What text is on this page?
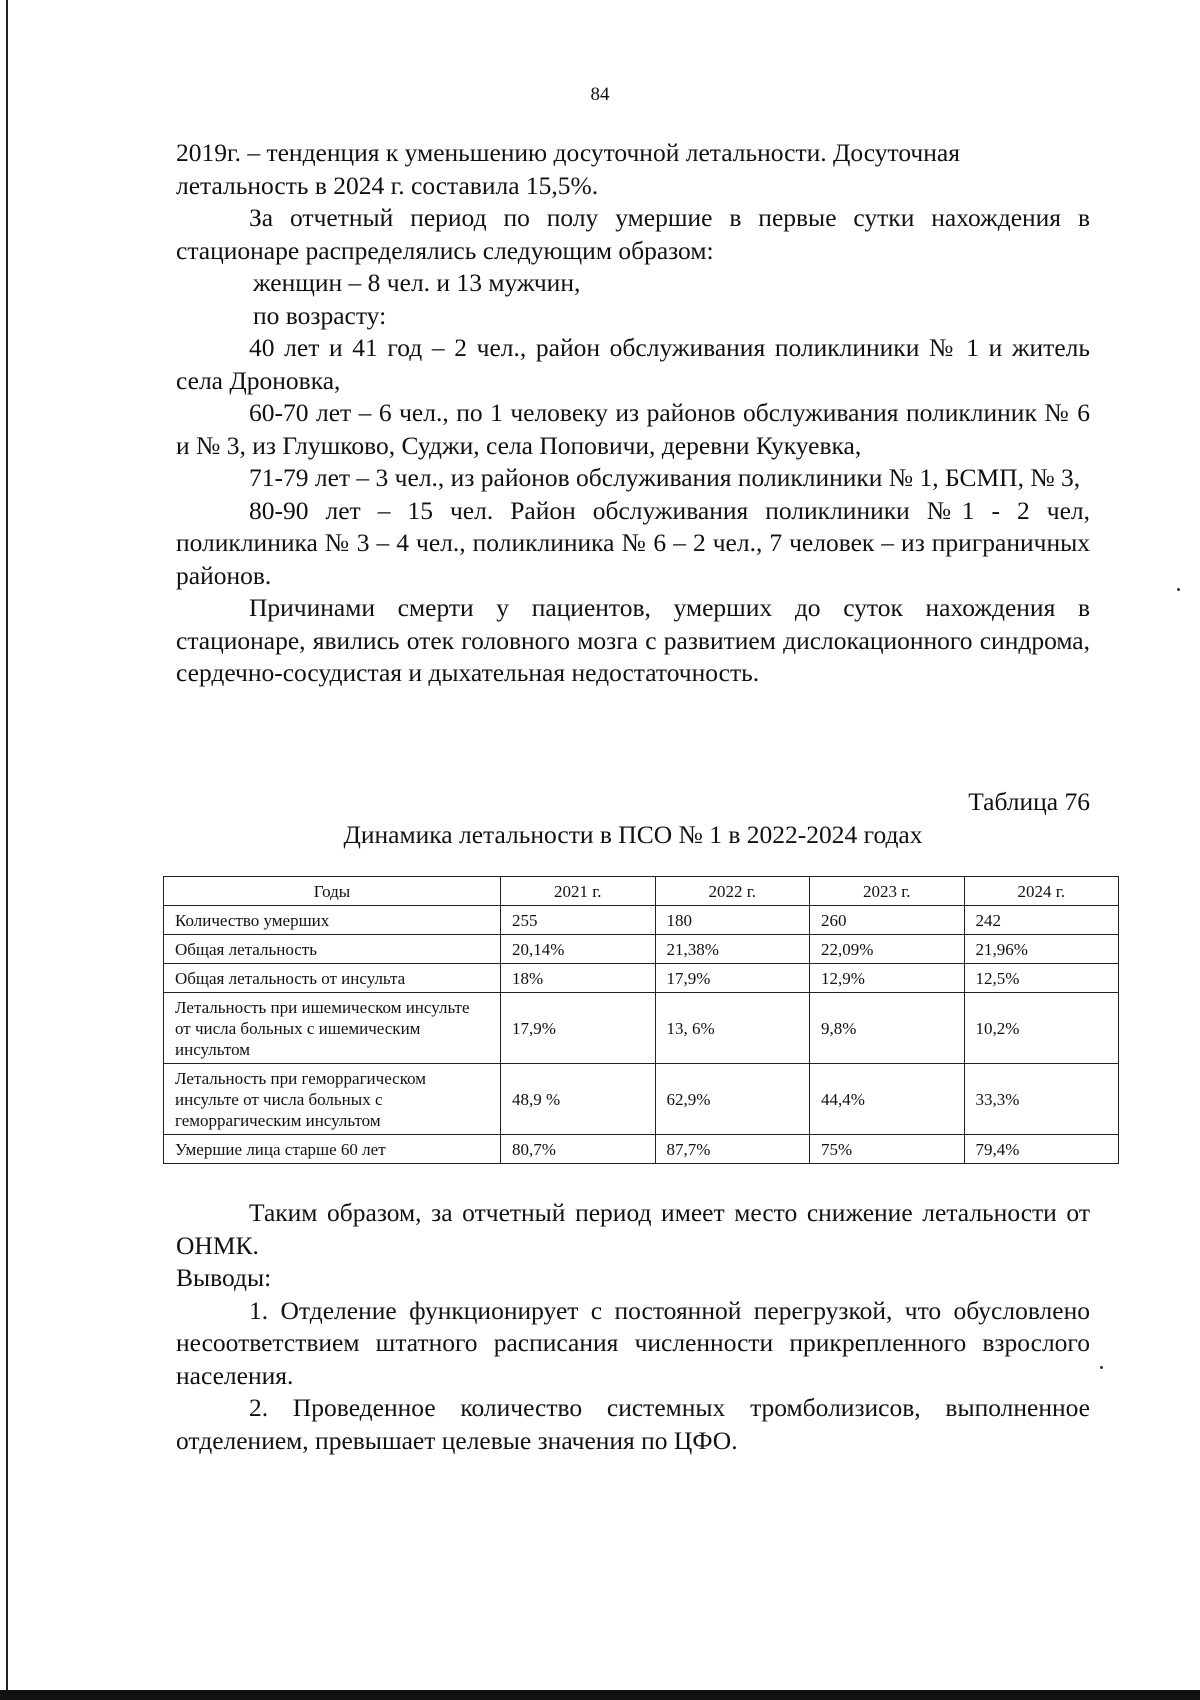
84

2019г. – тенденция к уменьшению досуточной летальности. Досуточная летальность в 2024 г. составила 15,5%.

За отчетный период по полу умершие в первые сутки нахождения в стационаре распределялись следующим образом:

женщин – 8 чел. и 13 мужчин,

по возрасту:

40 лет и 41 год – 2 чел., район обслуживания поликлиники № 1 и житель села Дроновка,

60-70 лет – 6 чел., по 1 человеку из районов обслуживания поликлиник № 6 и № 3, из Глушково, Суджи, села Поповичи, деревни Кукуевка,

71-79 лет – 3 чел., из районов обслуживания поликлиники № 1, БСМП, № 3,

80-90 лет – 15 чел. Район обслуживания поликлиники №1 - 2 чел, поликлиника № 3 – 4 чел., поликлиника № 6 – 2 чел., 7 человек – из приграничных районов.

Причинами смерти у пациентов, умерших до суток нахождения в стационаре, явились отек головного мозга с развитием дислокационного синдрома, сердечно-сосудистая и дыхательная недостаточность.

Таблица 76
Динамика летальности в ПСО № 1 в 2022-2024 годах
Годы	2021 г.	2022 г.	2023 г.	2024 г.
Количество умерших	255	180	260	242
Общая летальность	20,14%	21,38%	22,09%	21,96%
Общая летальность от инсульта	18%	17,9%	12,9%	12,5%
Летальность при ишемическом инсульте от числа больных с ишемическим инсультом	17,9%	13, 6%	9,8%	10,2%
Летальность при геморрагическом инсульте от числа больных с геморрагическим инсультом	48,9 %	62,9%	44,4%	33,3%
Умершие лица старше 60 лет	80,7%	87,7%	75%	79,4%

Таким образом, за отчетный период имеет место снижение летальности от ОНМК.

Выводы:

1. Отделение функционирует с постоянной перегрузкой, что обусловлено несоответствием штатного расписания численности прикрепленного взрослого населения.

2. Проведенное количество системных тромболизисов, выполненное отделением, превышает целевые значения по ЦФО.
